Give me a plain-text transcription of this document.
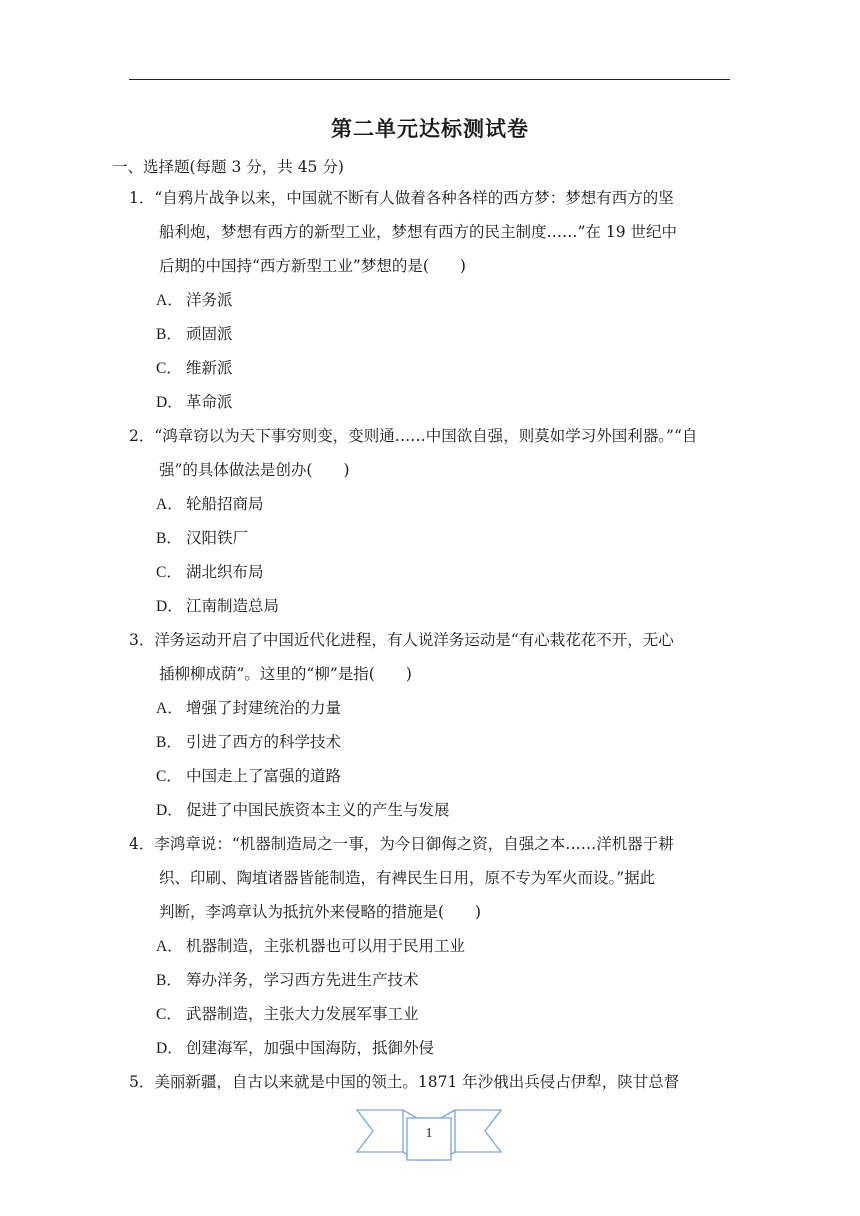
第二单元达标测试卷
一、选择题(每题 3 分，共 45 分)
1．“自鸦片战争以来，中国就不断有人做着各种各样的西方梦：梦想有西方的坚
船利炮，梦想有西方的新型工业，梦想有西方的民主制度……”在 19 世纪中
后期的中国持“西方新型工业”梦想的是(　　)
A． 洋务派
B． 顽固派
C． 维新派
D． 革命派
2．“鸿章窃以为天下事穷则变，变则通……中国欲自强，则莫如学习外国利器。”“自
强”的具体做法是创办(　　)
A． 轮船招商局
B． 汉阳铁厂
C． 湖北织布局
D． 江南制造总局
3．洋务运动开启了中国近代化进程，有人说洋务运动是“有心栽花花不开，无心
插柳柳成荫”。这里的“柳”是指(　　)
A． 增强了封建统治的力量
B． 引进了西方的科学技术
C． 中国走上了富强的道路
D． 促进了中国民族资本主义的产生与发展
4．李鸿章说：“机器制造局之一事，为今日御侮之资，自强之本……洋机器于耕
织、印刷、陶埴诸器皆能制造，有裨民生日用，原不专为军火而设。”据此
判断，李鸿章认为抵抗外来侵略的措施是(　　)
A． 机器制造，主张机器也可以用于民用工业
B． 筹办洋务，学习西方先进生产技术
C． 武器制造，主张大力发展军事工业
D． 创建海军，加强中国海防，抵御外侵
5．美丽新疆，自古以来就是中国的领土。1871 年沙俄出兵侵占伊犁，陕甘总督
1
